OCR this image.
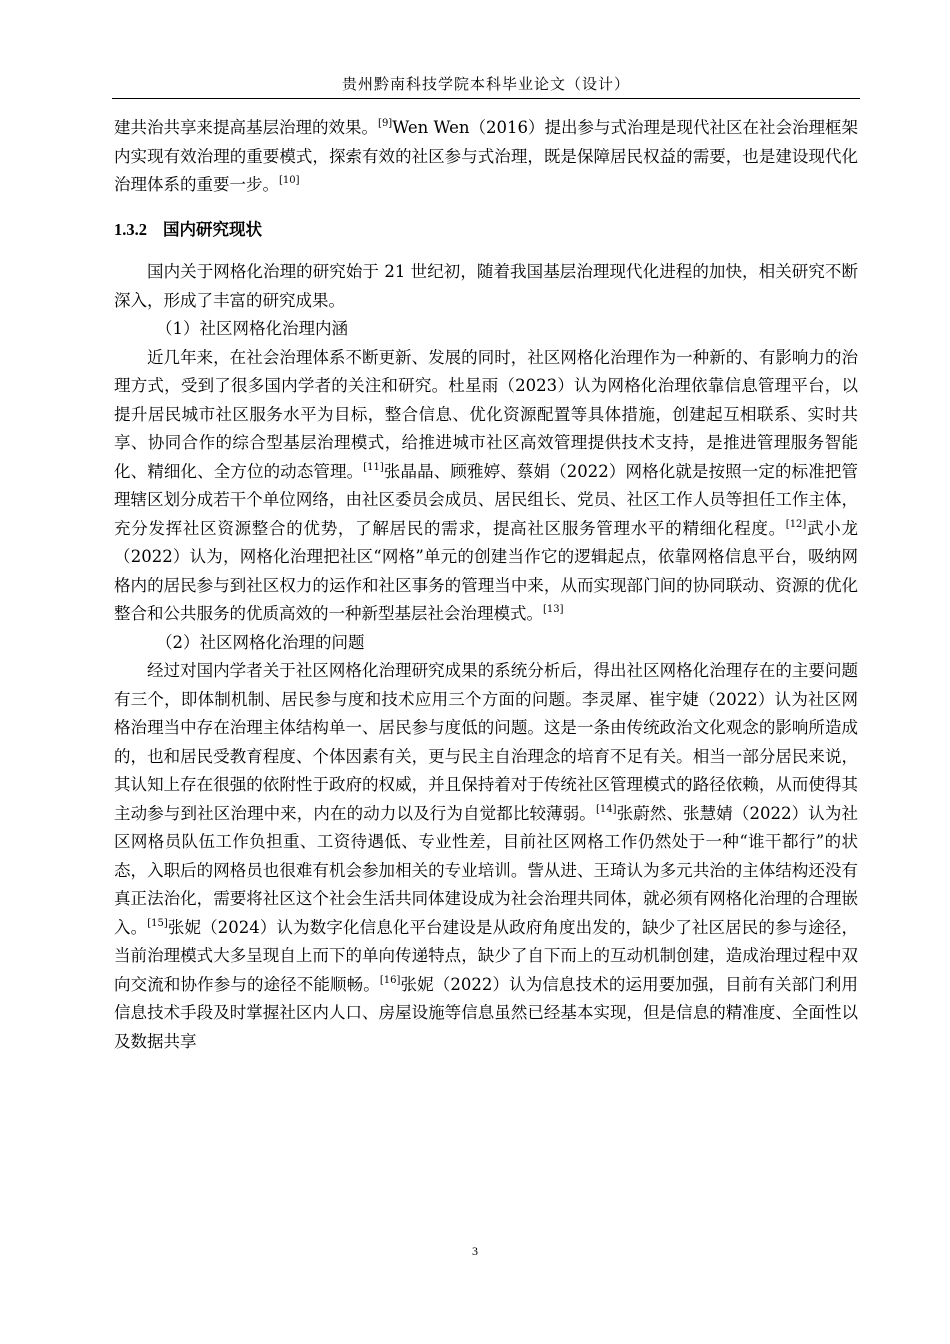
贵州黔南科技学院本科毕业论文（设计）

建共治共享来提高基层治理的效果。[9]Wen Wen（2016）提出参与式治理是现代社区在社会治理框架内实现有效治理的重要模式，探索有效的社区参与式治理，既是保障居民权益的需要，也是建设现代化治理体系的重要一步。[10]

1.3.2 国内研究现状

国内关于网格化治理的研究始于 21 世纪初，随着我国基层治理现代化进程的加快，相关研究不断深入，形成了丰富的研究成果。

（1）社区网格化治理内涵

近几年来，在社会治理体系不断更新、发展的同时，社区网格化治理作为一种新的、有影响力的治理方式，受到了很多国内学者的关注和研究。杜星雨（2023）认为网格化治理依靠信息管理平台，以提升居民城市社区服务水平为目标，整合信息、优化资源配置等具体措施，创建起互相联系、实时共享、协同合作的综合型基层治理模式，给推进城市社区高效管理提供技术支持，是推进管理服务智能化、精细化、全方位的动态管理。[11]张晶晶、顾雅婷、蔡娟（2022）网格化就是按照一定的标准把管理辖区划分成若干个单位网络，由社区委员会成员、居民组长、党员、社区工作人员等担任工作主体，充分发挥社区资源整合的优势，了解居民的需求，提高社区服务管理水平的精细化程度。[12]武小龙（2022）认为，网格化治理把社区“网格”单元的创建当作它的逻辑起点，依靠网格信息平台，吸纳网格内的居民参与到社区权力的运作和社区事务的管理当中来，从而实现部门间的协同联动、资源的优化整合和公共服务的优质高效的一种新型基层社会治理模式。[13]

（2）社区网格化治理的问题

经过对国内学者关于社区网格化治理研究成果的系统分析后，得出社区网格化治理存在的主要问题有三个，即体制机制、居民参与度和技术应用三个方面的问题。李灵犀、崔宇婕（2022）认为社区网格治理当中存在治理主体结构单一、居民参与度低的问题。这是一条由传统政治文化观念的影响所造成的，也和居民受教育程度、个体因素有关，更与民主自治理念的培育不足有关。相当一部分居民来说，其认知上存在很强的依附性于政府的权威，并且保持着对于传统社区管理模式的路径依赖，从而使得其主动参与到社区治理中来，内在的动力以及行为自觉都比较薄弱。[14]张蔚然、张慧婧（2022）认为社区网格员队伍工作负担重、工资待遇低、专业性差，目前社区网格工作仍然处于一种“谁干都行”的状态，入职后的网格员也很难有机会参加相关的专业培训。訾从进、王琦认为多元共治的主体结构还没有真正法治化，需要将社区这个社会生活共同体建设成为社会治理共同体，就必须有网格化治理的合理嵌入。[15]张妮（2024）认为数字化信息化平台建设是从政府角度出发的，缺少了社区居民的参与途径，当前治理模式大多呈现自上而下的单向传递特点，缺少了自下而上的互动机制创建，造成治理过程中双向交流和协作参与的途径不能顺畅。[16]张妮（2022）认为信息技术的运用要加强，目前有关部门利用信息技术手段及时掌握社区内人口、房屋设施等信息虽然已经基本实现，但是信息的精准度、全面性以及数据共享

3
